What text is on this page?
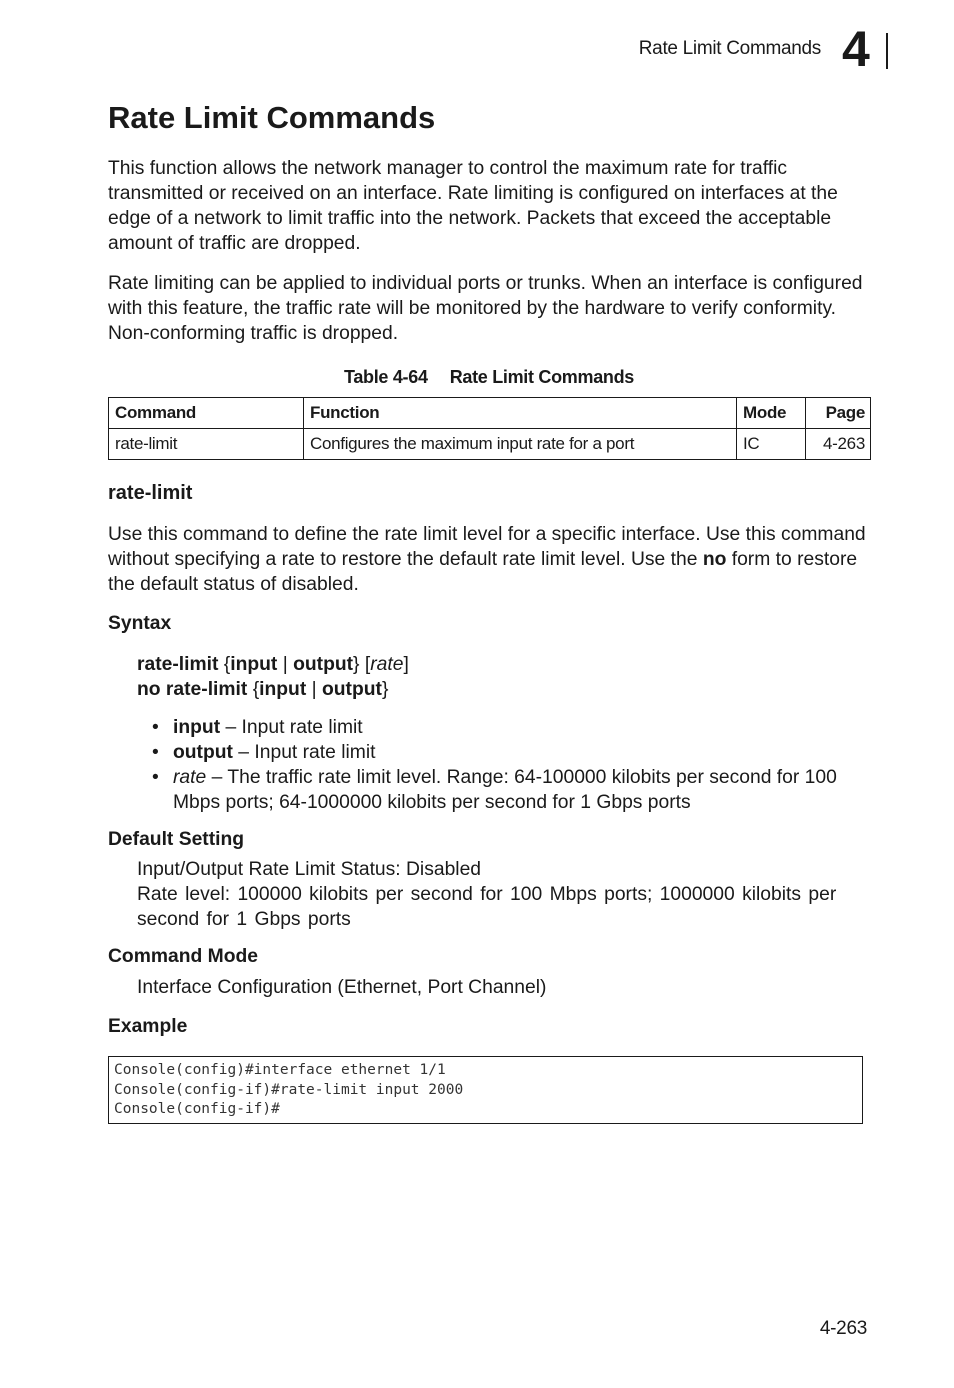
Rate Limit Commands 4
Rate Limit Commands

This function allows the network manager to control the maximum rate for traffic transmitted or received on an interface. Rate limiting is configured on interfaces at the edge of a network to limit traffic into the network. Packets that exceed the acceptable amount of traffic are dropped.

Rate limiting can be applied to individual ports or trunks. When an interface is configured with this feature, the traffic rate will be monitored by the hardware to verify conformity. Non-conforming traffic is dropped.

Table 4-64 Rate Limit Commands
Command	Function	Mode	Page
rate-limit	Configures the maximum input rate for a port	IC	4-263
rate-limit

Use this command to define the rate limit level for a specific interface. Use this command without specifying a rate to restore the default rate limit level. Use the no form to restore the default status of disabled.

Syntax
rate-limit {input | output} [rate]
no rate-limit {input | output}
• input – Input rate limit
• output – Input rate limit
• rate – The traffic rate limit level. Range: 64-100000 kilobits per second for 100 Mbps ports; 64-1000000 kilobits per second for 1 Gbps ports
Default Setting
Input/Output Rate Limit Status: Disabled
Rate level: 100000 kilobits per second for 100 Mbps ports; 1000000 kilobits per second for 1 Gbps ports
Command Mode
Interface Configuration (Ethernet, Port Channel)
Example
Console(config)#interface ethernet 1/1
Console(config-if)#rate-limit input 2000
Console(config-if)#
4-263
